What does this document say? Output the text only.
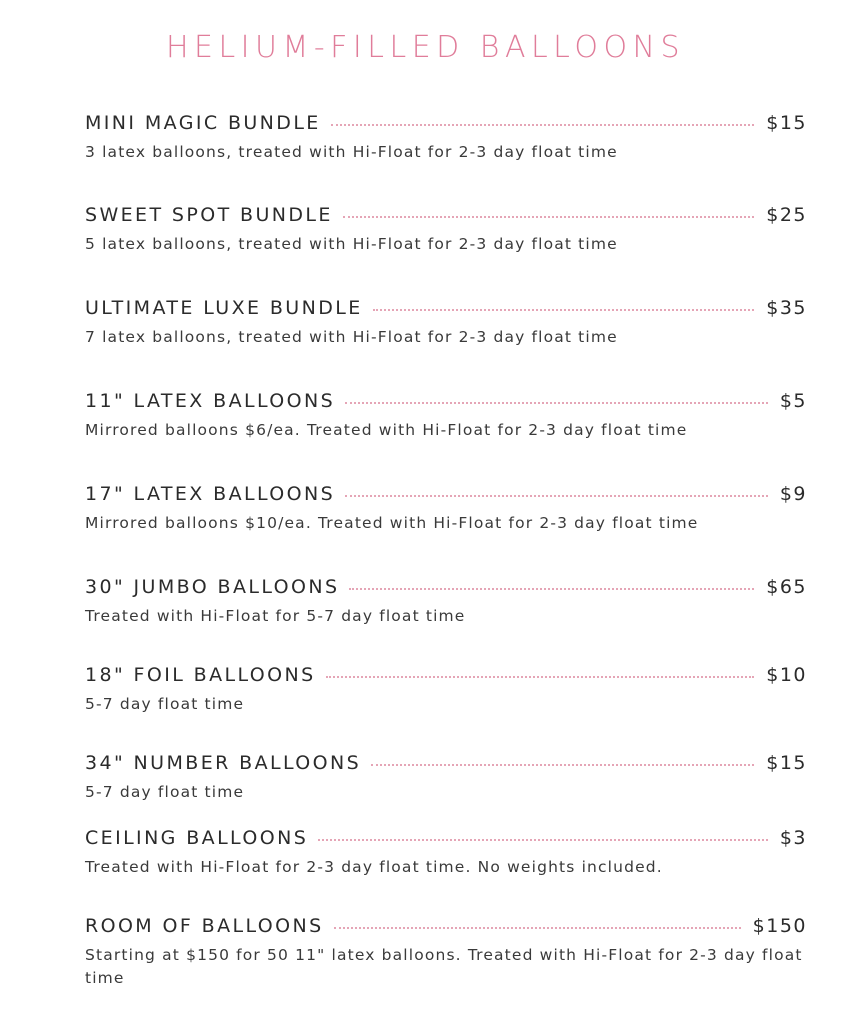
HELIUM-FILLED BALLOONS
MINI MAGIC BUNDLE	$15
3 latex balloons, treated with Hi-Float for 2-3 day float time
SWEET SPOT BUNDLE	$25
5 latex balloons, treated with Hi-Float for 2-3 day float time
ULTIMATE LUXE BUNDLE	$35
7 latex balloons, treated with Hi-Float for 2-3 day float time
11" LATEX BALLOONS	$5
Mirrored balloons $6/ea. Treated with Hi-Float for 2-3 day float time
17" LATEX BALLOONS	$9
Mirrored balloons $10/ea. Treated with Hi-Float for 2-3 day float time
30" JUMBO BALLOONS	$65
Treated with Hi-Float for 5-7 day float time
18" FOIL BALLOONS	$10
5-7 day float time
34" NUMBER BALLOONS	$15
5-7 day float time
CEILING BALLOONS	$3
Treated with Hi-Float for 2-3 day float time. No weights included.
ROOM OF BALLOONS	$150
Starting at $150 for 50 11" latex balloons. Treated with Hi-Float for 2-3 day float time
